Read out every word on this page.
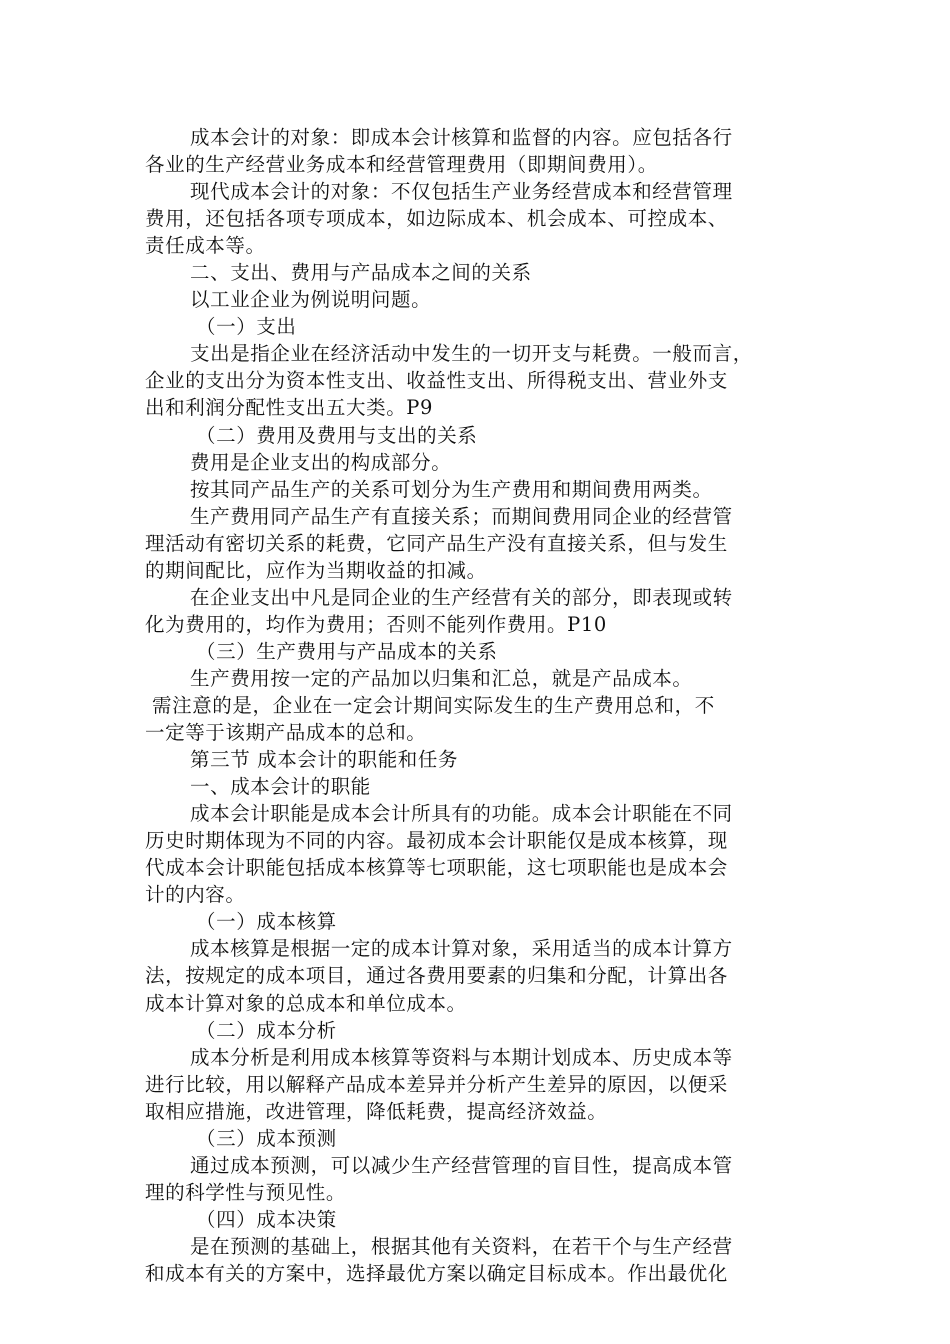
成本会计的对象：即成本会计核算和监督的内容。应包括各行
各业的生产经营业务成本和经营管理费用（即期间费用）。
现代成本会计的对象：不仅包括生产业务经营成本和经营管理
费用，还包括各项专项成本，如边际成本、机会成本、可控成本、
责任成本等。
二、支出、费用与产品成本之间的关系
以工业企业为例说明问题。
（一）支出
支出是指企业在经济活动中发生的一切开支与耗费。一般而言，
企业的支出分为资本性支出、收益性支出、所得税支出、营业外支
出和利润分配性支出五大类。P9
（二）费用及费用与支出的关系
费用是企业支出的构成部分。
按其同产品生产的关系可划分为生产费用和期间费用两类。
生产费用同产品生产有直接关系；而期间费用同企业的经营管
理活动有密切关系的耗费，它同产品生产没有直接关系，但与发生
的期间配比，应作为当期收益的扣减。
在企业支出中凡是同企业的生产经营有关的部分，即表现或转
化为费用的，均作为费用；否则不能列作费用。P10
（三）生产费用与产品成本的关系
生产费用按一定的产品加以归集和汇总，就是产品成本。
需注意的是，企业在一定会计期间实际发生的生产费用总和，不
一定等于该期产品成本的总和。
第三节 成本会计的职能和任务
一、成本会计的职能
成本会计职能是成本会计所具有的功能。成本会计职能在不同
历史时期体现为不同的内容。最初成本会计职能仅是成本核算，现
代成本会计职能包括成本核算等七项职能，这七项职能也是成本会
计的内容。
（一）成本核算
成本核算是根据一定的成本计算对象，采用适当的成本计算方
法，按规定的成本项目，通过各费用要素的归集和分配，计算出各
成本计算对象的总成本和单位成本。
（二）成本分析
成本分析是利用成本核算等资料与本期计划成本、历史成本等
进行比较，用以解释产品成本差异并分析产生差异的原因，以便采
取相应措施，改进管理，降低耗费，提高经济效益。
（三）成本预测
通过成本预测，可以减少生产经营管理的盲目性，提高成本管
理的科学性与预见性。
（四）成本决策
是在预测的基础上，根据其他有关资料，在若干个与生产经营
和成本有关的方案中，选择最优方案以确定目标成本。作出最优化
